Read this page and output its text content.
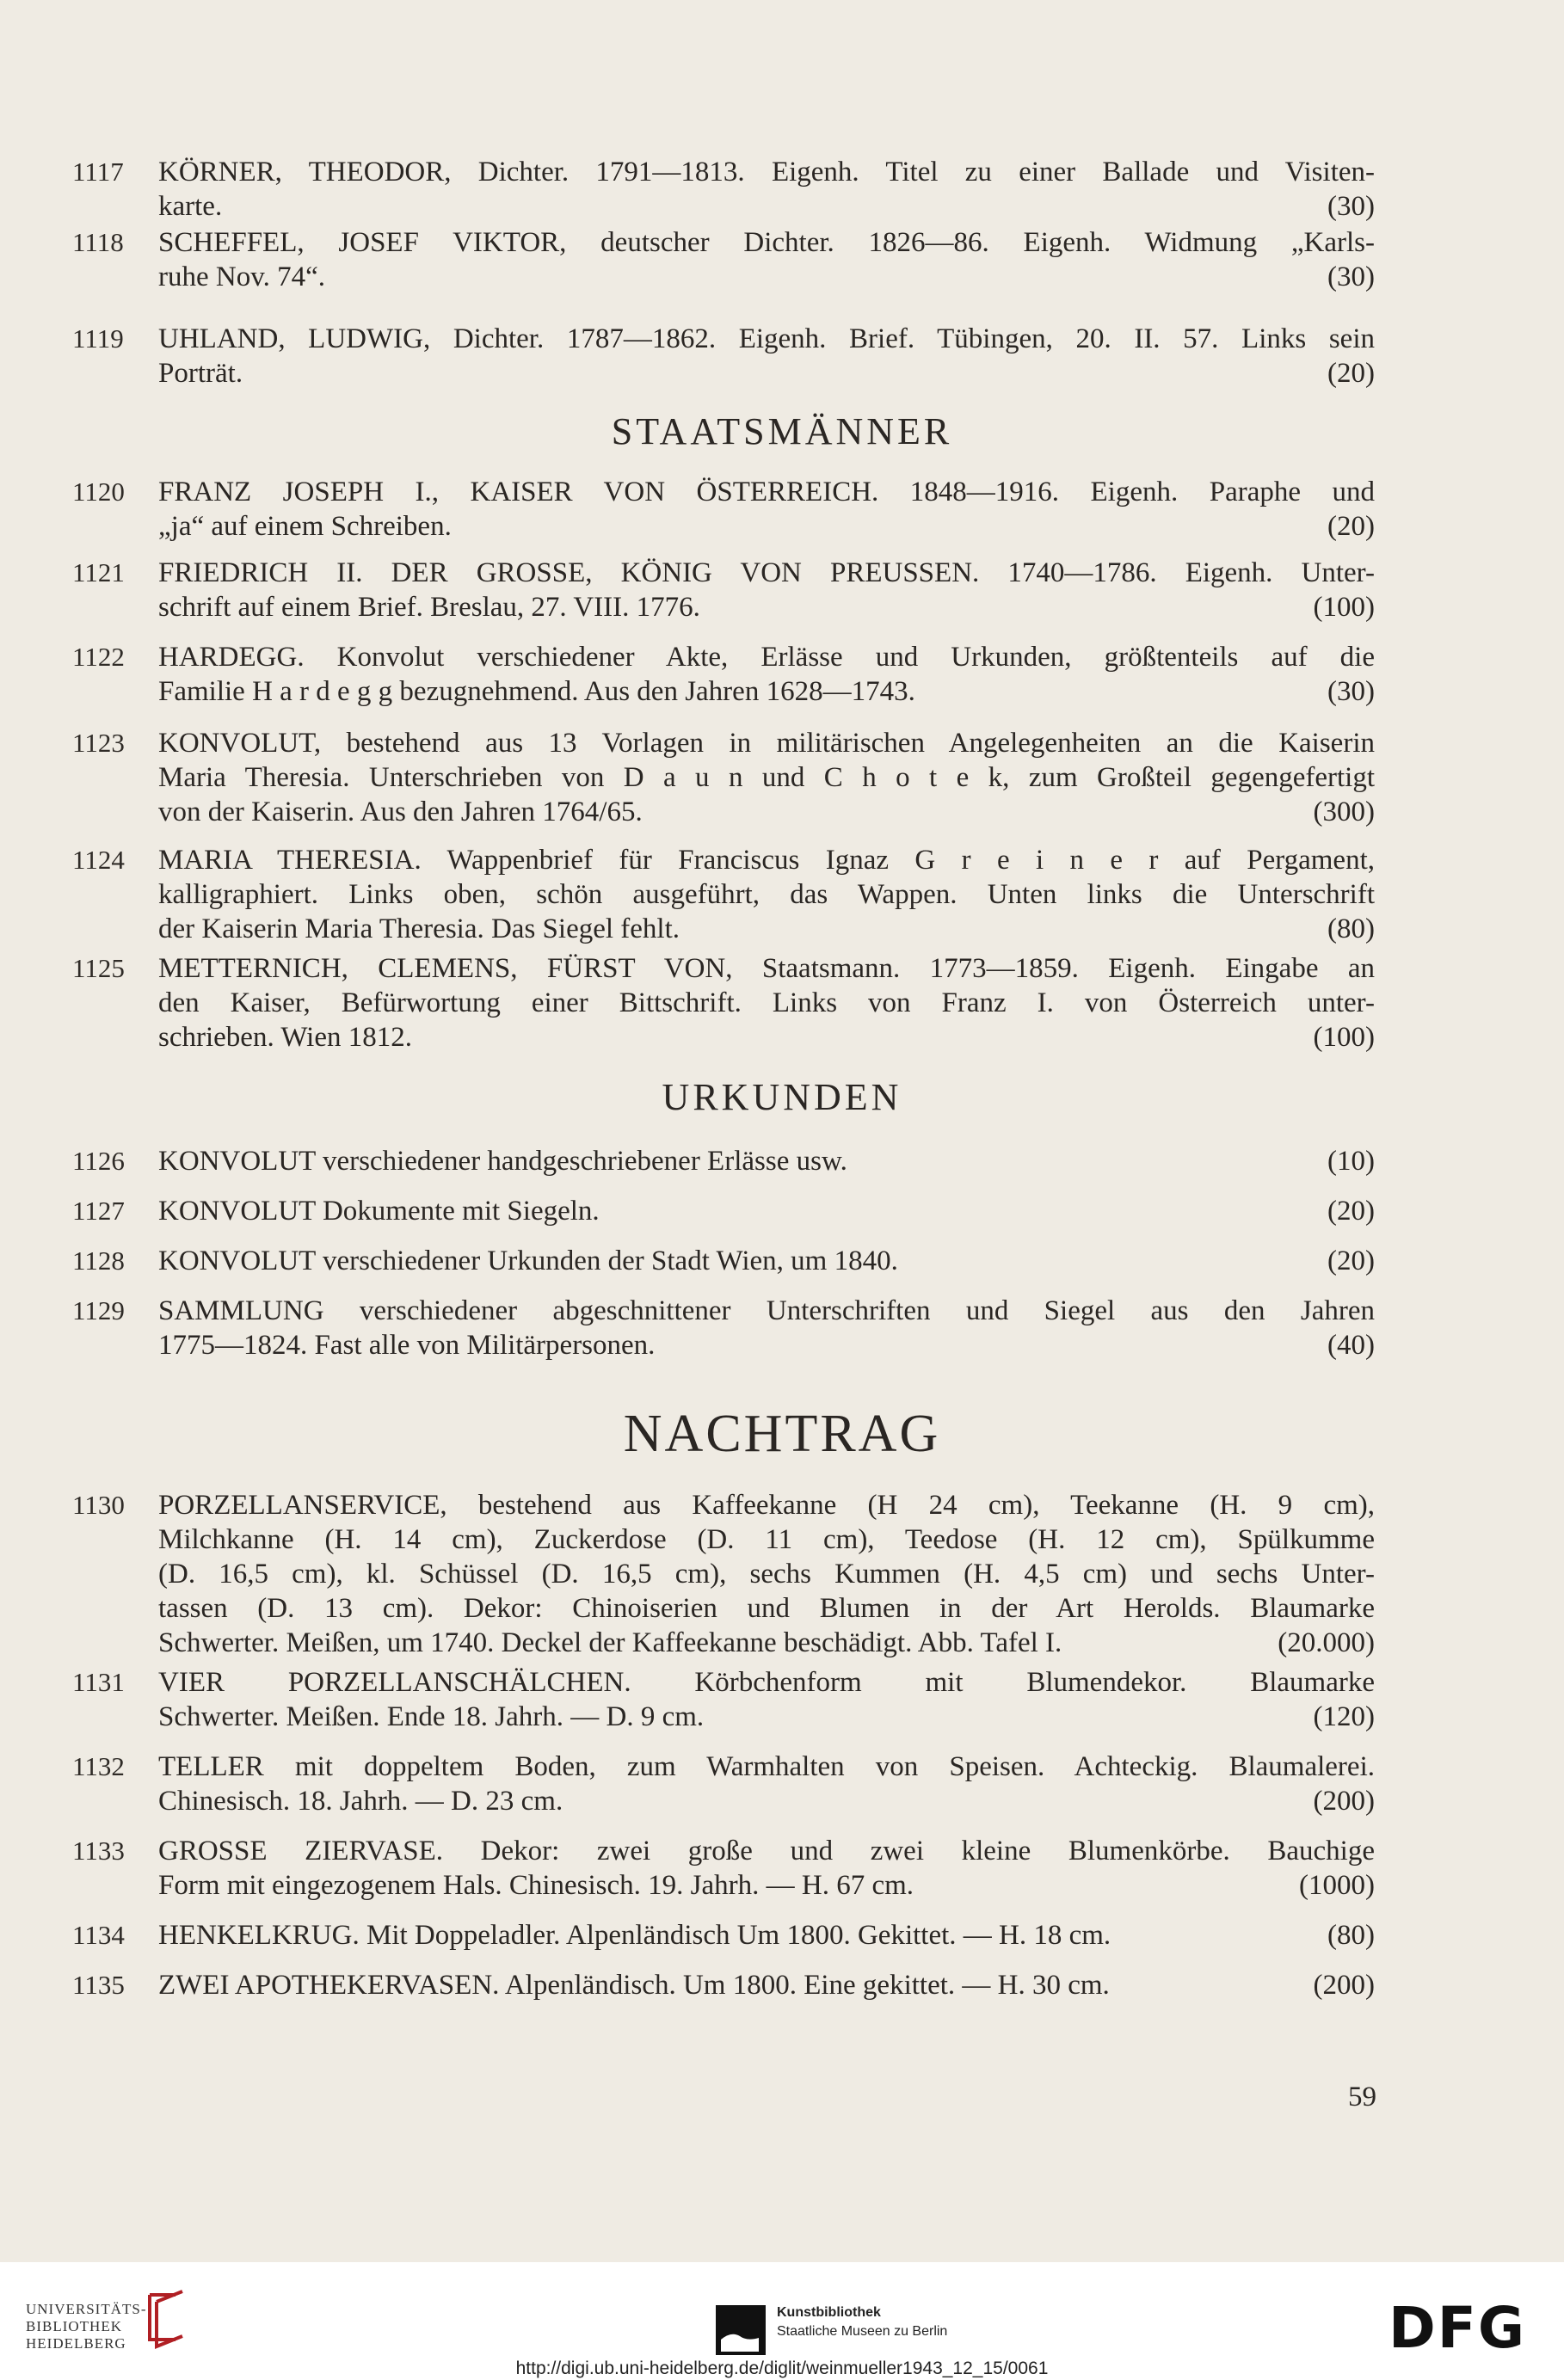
1117	KÖRNER, THEODOR, Dichter. 1791—1813. Eigenh. Titel zu einer Ballade und Visiten-
karte.	(30)
1118	SCHEFFEL, JOSEF VIKTOR, deutscher Dichter. 1826—86. Eigenh. Widmung „Karls-
ruhe Nov. 74“.	(30)
1119	UHLAND, LUDWIG, Dichter. 1787—1862. Eigenh. Brief. Tübingen, 20. II. 57. Links sein
Porträt.	(20)
1120	FRANZ JOSEPH I., KAISER VON ÖSTERREICH. 1848—1916. Eigenh. Paraphe und
„ja“ auf einem Schreiben.	(20)
1121	FRIEDRICH II. DER GROSSE, KÖNIG VON PREUSSEN. 1740—1786. Eigenh. Unter-
schrift auf einem Brief. Breslau, 27. VIII. 1776.	(100)
1122	HARDEGG. Konvolut verschiedener Akte, Erlässe und Urkunden, größtenteils auf die
Familie H a r d e g g bezugnehmend. Aus den Jahren 1628—1743.	(30)
1123	KONVOLUT, bestehend aus 13 Vorlagen in militärischen Angelegenheiten an die Kaiserin
Maria Theresia. Unterschrieben von D a u n und C h o t e k, zum Großteil gegengefertigt
von der Kaiserin. Aus den Jahren 1764/65.	(300)
1124	MARIA THERESIA. Wappenbrief für Franciscus Ignaz G r e i n e r auf Pergament,
kalligraphiert. Links oben, schön ausgeführt, das Wappen. Unten links die Unterschrift
der Kaiserin Maria Theresia. Das Siegel fehlt.	(80)
1125	METTERNICH, CLEMENS, FÜRST VON, Staatsmann. 1773—1859. Eigenh. Eingabe an
den Kaiser, Befürwortung einer Bittschrift. Links von Franz I. von Österreich unter-
schrieben. Wien 1812.	(100)
1126	KONVOLUT verschiedener handgeschriebener Erlässe usw.	(10)
1127	KONVOLUT Dokumente mit Siegeln.	(20)
1128	KONVOLUT verschiedener Urkunden der Stadt Wien, um 1840.	(20)
1129	SAMMLUNG verschiedener abgeschnittener Unterschriften und Siegel aus den Jahren
1775—1824. Fast alle von Militärpersonen.	(40)
1130	PORZELLANSERVICE, bestehend aus Kaffeekanne (H 24 cm), Teekanne (H. 9 cm),
Milchkanne (H. 14 cm), Zuckerdose (D. 11 cm), Teedose (H. 12 cm), Spülkumme
(D. 16,5 cm), kl. Schüssel (D. 16,5 cm), sechs Kummen (H. 4,5 cm) und sechs Unter-
tassen (D. 13 cm). Dekor: Chinoiserien und Blumen in der Art Herolds. Blaumarke
Schwerter. Meißen, um 1740. Deckel der Kaffeekanne beschädigt. Abb. Tafel I.	(20.000)
1131	VIER PORZELLANSCHÄLCHEN. Körbchenform mit Blumendekor. Blaumarke
Schwerter. Meißen. Ende 18. Jahrh. — D. 9 cm.	(120)
1132	TELLER mit doppeltem Boden, zum Warmhalten von Speisen. Achteckig. Blaumalerei.
Chinesisch. 18. Jahrh. — D. 23 cm.	(200)
1133	GROSSE ZIERVASE. Dekor: zwei große und zwei kleine Blumenkörbe. Bauchige
Form mit eingezogenem Hals. Chinesisch. 19. Jahrh. — H. 67 cm.	(1000)
1134	HENKELKRUG. Mit Doppeladler. Alpenländisch Um 1800. Gekittet. — H. 18 cm.	(80)
1135	ZWEI APOTHEKERVASEN. Alpenländisch. Um 1800. Eine gekittet. — H. 30 cm.	(200)
STAATSMÄNNER
URKUNDEN
NACHTRAG
59
UNIVERSITÄTS-
BIBLIOTHEK
HEIDELBERG
Kunstbibliothek
Staatliche Museen zu Berlin	DFG
http://digi.ub.uni-heidelberg.de/diglit/weinmueller1943_12_15/0061
